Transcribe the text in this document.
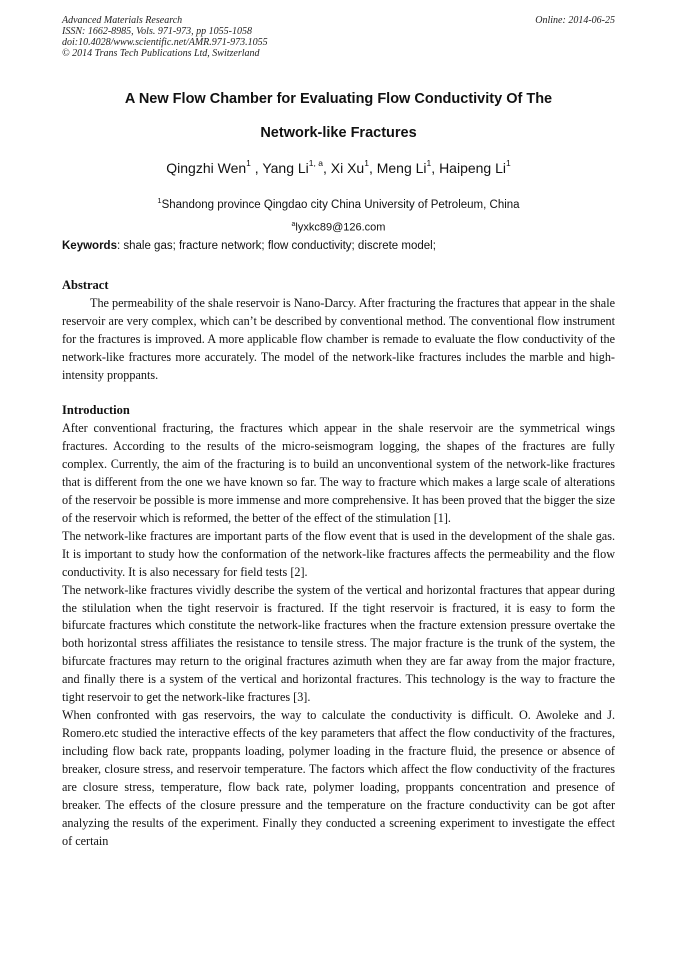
Advanced Materials Research
ISSN: 1662-8985, Vols. 971-973, pp 1055-1058
doi:10.4028/www.scientific.net/AMR.971-973.1055
© 2014 Trans Tech Publications Ltd, Switzerland
Online: 2014-06-25
A New Flow Chamber for Evaluating Flow Conductivity Of The
Network-like Fractures
Qingzhi Wen$^1$ , Yang Li$^{1, a}$, Xi Xu$^1$, Meng Li$^1$, Haipeng Li$^1$
$^1$Shandong province Qingdao city China University of Petroleum, China
$^a$lyxkc89@126.com
Keywords: shale gas; fracture network; flow conductivity; discrete model;
Abstract

The permeability of the shale reservoir is Nano-Darcy. After fracturing the fractures that appear in the shale reservoir are very complex, which can’t be described by conventional method. The conventional flow instrument for the fractures is improved. A more applicable flow chamber is remade to evaluate the flow conductivity of the network-like fractures more accurately. The model of the network-like fractures includes the marble and high-intensity proppants.

Introduction

After conventional fracturing, the fractures which appear in the shale reservoir are the symmetrical wings fractures. According to the results of the micro-seismogram logging, the shapes of the fractures are fully complex. Currently, the aim of the fracturing is to build an unconventional system of the network-like fractures that is different from the one we have known so far. The way to fracture which makes a large scale of alterations of the reservoir be possible is more immense and more comprehensive. It has been proved that the bigger the size of the reservoir which is reformed, the better of the effect of the stimulation [1].

The network-like fractures are important parts of the flow event that is used in the development of the shale gas. It is important to study how the conformation of the network-like fractures affects the permeability and the flow conductivity. It is also necessary for field tests [2].

The network-like fractures vividly describe the system of the vertical and horizontal fractures that appear during the stilulation when the tight reservoir is fractured. If the tight reservoir is fractured, it is easy to form the bifurcate fractures which constitute the network-like fractures when the fracture extension pressure overtake the both horizontal stress affiliates the resistance to tensile stress. The major fracture is the trunk of the system, the bifurcate fractures may return to the original fractures azimuth when they are far away from the major fracture, and finally there is a system of the vertical and horizontal fractures. This technology is the way to fracture the tight reservoir to get the network-like fractures [3].

When confronted with gas reservoirs, the way to calculate the conductivity is difficult. O. Awoleke and J. Romero.etc studied the interactive effects of the key parameters that affect the flow conductivity of the fractures, including flow back rate, proppants loading, polymer loading in the fracture fluid, the presence or absence of breaker, closure stress, and reservoir temperature. The factors which affect the flow conductivity of the fractures are closure stress, temperature, flow back rate, polymer loading, proppants concentration and presence of breaker. The effects of the closure pressure and the temperature on the fracture conductivity can be got after analyzing the results of the experiment. Finally they conducted a screening experiment to investigate the effect of certain
